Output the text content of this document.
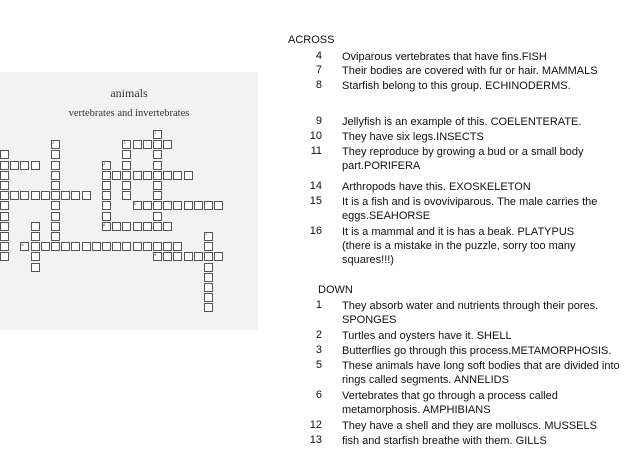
animals
vertebrates and invertebrates
1
2	3
4
5
6
7
8
9
ACROSS
4 Oviparous vertebrates that have fins.FISH
7 Their bodies are covered with fur or hair. MAMMALS
8 Starfish belong to this group. ECHINODERMS.
9 Jellyfish is an example of this. COELENTERATE.
10 They have six legs.INSECTS
11 They reproduce by growing a bud or a small body
part.PORIFERA
14 Arthropods have this. EXOSKELETON
15 It is a fish and is ovoviviparous. The male carries the
eggs.SEAHORSE
16 It is a mammal and it is has a beak. PLATYPUS
(there is a mistake in the puzzle, sorry too many
squares!!!)
DOWN
1 They absorb water and nutrients through their pores.
SPONGES
2 Turtles and oysters have it. SHELL
3 Butterflies go through this process.METAMORPHOSIS.
5 These animals have long soft bodies that are divided into
rings called segments. ANNELIDS
6 Vertebrates that go through a process called
metamorphosis. AMPHIBIANS
12 They have a shell and they are molluscs. MUSSELS
13 fish and starfish breathe with them. GILLS
